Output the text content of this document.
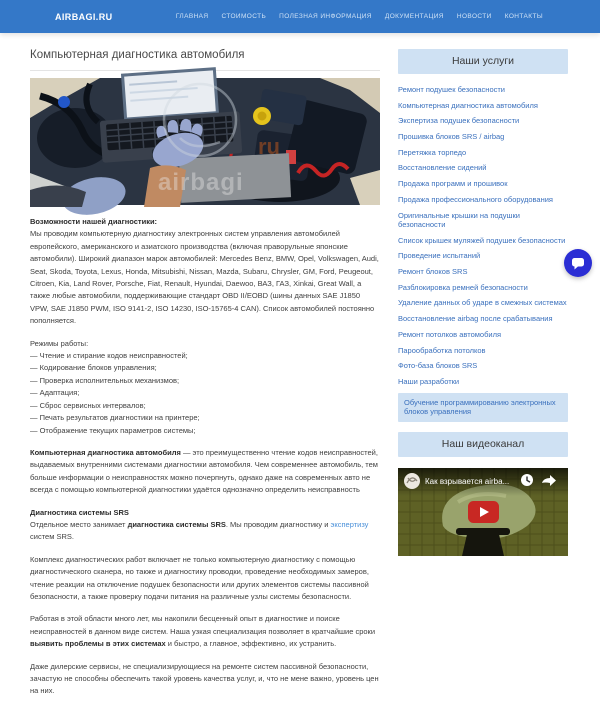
AIRBAGI.RU	ГЛАВНАЯ СТОИМОСТЬ ПОЛЕЗНАЯ ИНФОРМАЦИЯ ДОКУМЕНТАЦИЯ НОВОСТИ КОНТАКТЫ
Компьютерная диагностика автомобиля
ru
airbagi

Возможности нашей диагностики:

Мы проводим компьютерную диагностику электронных систем управления автомобилей европейского, американского и азиатского производства (включая праворульные японские автомобили). Широкий диапазон марок автомобилей: Mercedes Benz, BMW, Opel, Volkswagen, Audi, Seat, Skoda, Toyota, Lexus, Honda, Mitsubishi, Nissan, Mazda, Subaru, Chrysler, GM, Ford, Peugeout, Citroen, Kia, Land Rover, Porsche, Fiat, Renault, Hyundai, Daewoo, ВАЗ, ГАЗ, Xinkai, Great Wall, а также любые автомобили, поддерживающие стандарт OBD II/EOBD (шины данных SAE J1850 VPW, SAE J1850 PWM, ISO 9141-2, ISO 14230, ISO-15765-4 CAN). Список автомобилей постоянно пополняется.

Режимы работы:
— Чтение и стирание кодов неисправностей;
— Кодирование блоков управления;
— Проверка исполнительных механизмов;
— Адаптация;
— Сброс сервисных интервалов;
— Печать результатов диагностики на принтере;
— Отображение текущих параметров системы;

Компьютерная диагностика автомобиля — это преимущественно чтение кодов неисправностей, выдаваемых внутренними системами диагностики автомобиля. Чем современнее автомобиль, тем больше информации о неисправностях можно почерпнуть, однако даже на современных авто не всегда с помощью компьютерной диагностики удаётся однозначно определить неисправность

Диагностика системы SRS

Отдельное место занимает диагностика системы SRS. Мы проводим диагностику и экспертизу систем SRS.

Комплекс диагностических работ включает не только компьютерную диагностику с помощью диагностического сканера, но также и диагностику проводки, проведение необходимых замеров, чтение реакции на отключение подушек безопасности или других элементов системы пассивной безопасности, а также проверку подачи питания на различные узлы системы безопасности.

Работая в этой области много лет, мы накопили бесценный опыт в диагностике и поиске неисправностей в данном виде систем. Наша узкая специализация позволяет в кратчайшие сроки выявить проблемы в этих системах и быстро, а главное, эффективно, их устранить.

Даже дилерские сервисы, не специализирующиеся на ремонте систем пассивной безопасности, зачастую не способны обеспечить такой уровень качества услуг, и, что не мене важно, уровень цен на них.

Наши услуги
Ремонт подушек безопасности
Компьютерная диагностика автомобиля
Экспертиза подушек безопасности
Прошивка блоков SRS / airbag
Перетяжка торпедо
Восстановление сидений
Продажа программ и прошивок
Продажа профессионального оборудования
Оригинальные крышки на подушки безопасности
Список крышек муляжей подушек безопасности
Проведение испытаний
Ремонт блоков SRS
Разблокировка ремней безопасности
Удаление данных об ударе в смежных системах
Восстановление airbag после срабатывания
Ремонт потолков автомобиля
Парообработка потолков
Фото-база блоков SRS
Наши разработки
Обучение программированию электронных блоков управления
Наш видеоканал
Как взрывается airba...
